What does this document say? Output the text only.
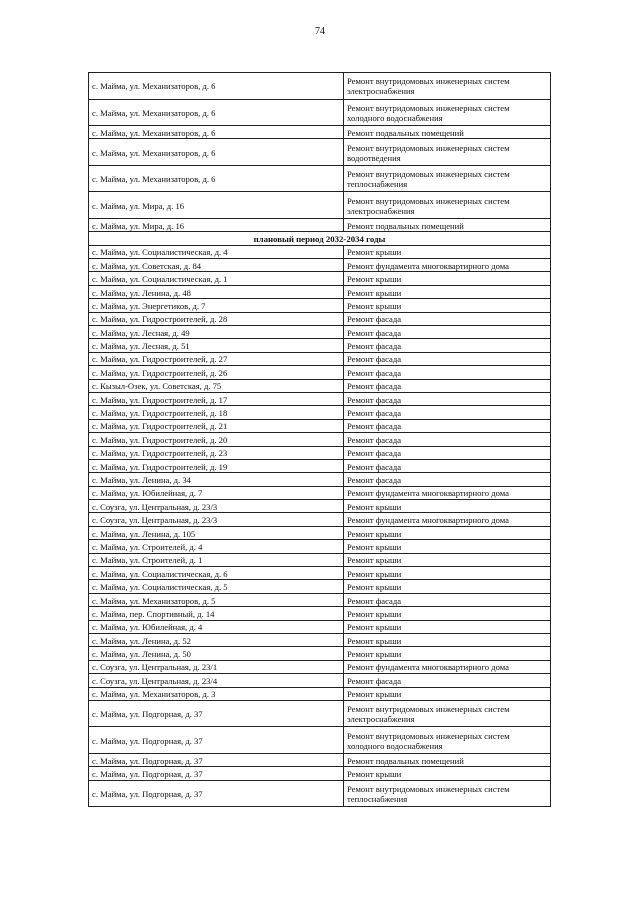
74
с. Майма, ул. Механизаторов, д. 6	Ремонт внутридомовых инженерных систем электроснабжения
с. Майма, ул. Механизаторов, д. 6	Ремонт внутридомовых инженерных систем холодного водоснабжения
с. Майма, ул. Механизаторов, д. 6	Ремонт подвальных помещений
с. Майма, ул. Механизаторов, д. 6	Ремонт внутридомовых инженерных систем водоотведения
с. Майма, ул. Механизаторов, д. 6	Ремонт внутридомовых инженерных систем теплоснабжения
с. Майма, ул. Мира, д. 16	Ремонт внутридомовых инженерных систем электроснабжения
с. Майма, ул. Мира, д. 16	Ремонт подвальных помещений
плановый период 2032-2034 годы	
с. Майма, ул. Социалистическая, д. 4	Ремонт крыши
с. Майма, ул. Советская, д. 84	Ремонт фундамента многоквартирного дома
с. Майма, ул. Социалистическая, д. 1	Ремонт крыши
с. Майма, ул. Ленина, д. 48	Ремонт крыши
с. Майма, ул. Энергетиков, д. 7	Ремонт крыши
с. Майма, ул. Гидростроителей, д. 28	Ремонт фасада
с. Майма, ул. Лесная, д. 49	Ремонт фасада
с. Майма, ул. Лесная, д. 51	Ремонт фасада
с. Майма, ул. Гидростроителей, д. 27	Ремонт фасада
с. Майма, ул. Гидростроителей, д. 26	Ремонт фасада
с. Кызыл-Озек, ул. Советская, д. 75	Ремонт фасада
с. Майма, ул. Гидростроителей, д. 17	Ремонт фасада
с. Майма, ул. Гидростроителей, д. 18	Ремонт фасада
с. Майма, ул. Гидростроителей, д. 21	Ремонт фасада
с. Майма, ул. Гидростроителей, д. 20	Ремонт фасада
с. Майма, ул. Гидростроителей, д. 23	Ремонт фасада
с. Майма, ул. Гидростроителей, д. 19	Ремонт фасада
с. Майма, ул. Ленина, д. 34	Ремонт фасада
с. Майма, ул. Юбилейная, д. 7	Ремонт фундамента многоквартирного дома
с. Соузга, ул. Центральная, д. 23/3	Ремонт крыши
с. Соузга, ул. Центральная, д. 23/3	Ремонт фундамента многоквартирного дома
с. Майма, ул. Ленина, д. 105	Ремонт крыши
с. Майма, ул. Строителей, д. 4	Ремонт крыши
с. Майма, ул. Строителей, д. 1	Ремонт крыши
с. Майма, ул. Социалистическая, д. 6	Ремонт крыши
с. Майма, ул. Социалистическая, д. 5	Ремонт крыши
с. Майма, ул. Механизаторов, д. 5	Ремонт фасада
с. Майма, пер. Спортивный, д. 14	Ремонт крыши
с. Майма, ул. Юбилейная, д. 4	Ремонт крыши
с. Майма, ул. Ленина, д. 52	Ремонт крыши
с. Майма, ул. Ленина, д. 50	Ремонт крыши
с. Соузга, ул. Центральная, д. 23/1	Ремонт фундамента многоквартирного дома
с. Соузга, ул. Центральная, д. 23/4	Ремонт фасада
с. Майма, ул. Механизаторов, д. 3	Ремонт крыши
с. Майма, ул. Подгорная, д. 37	Ремонт внутридомовых инженерных систем электроснабжения
с. Майма, ул. Подгорная, д. 37	Ремонт внутридомовых инженерных систем холодного водоснабжения
с. Майма, ул. Подгорная, д. 37	Ремонт подвальных помещений
с. Майма, ул. Подгорная, д. 37	Ремонт крыши
с. Майма, ул. Подгорная, д. 37	Ремонт внутридомовых инженерных систем теплоснабжения
